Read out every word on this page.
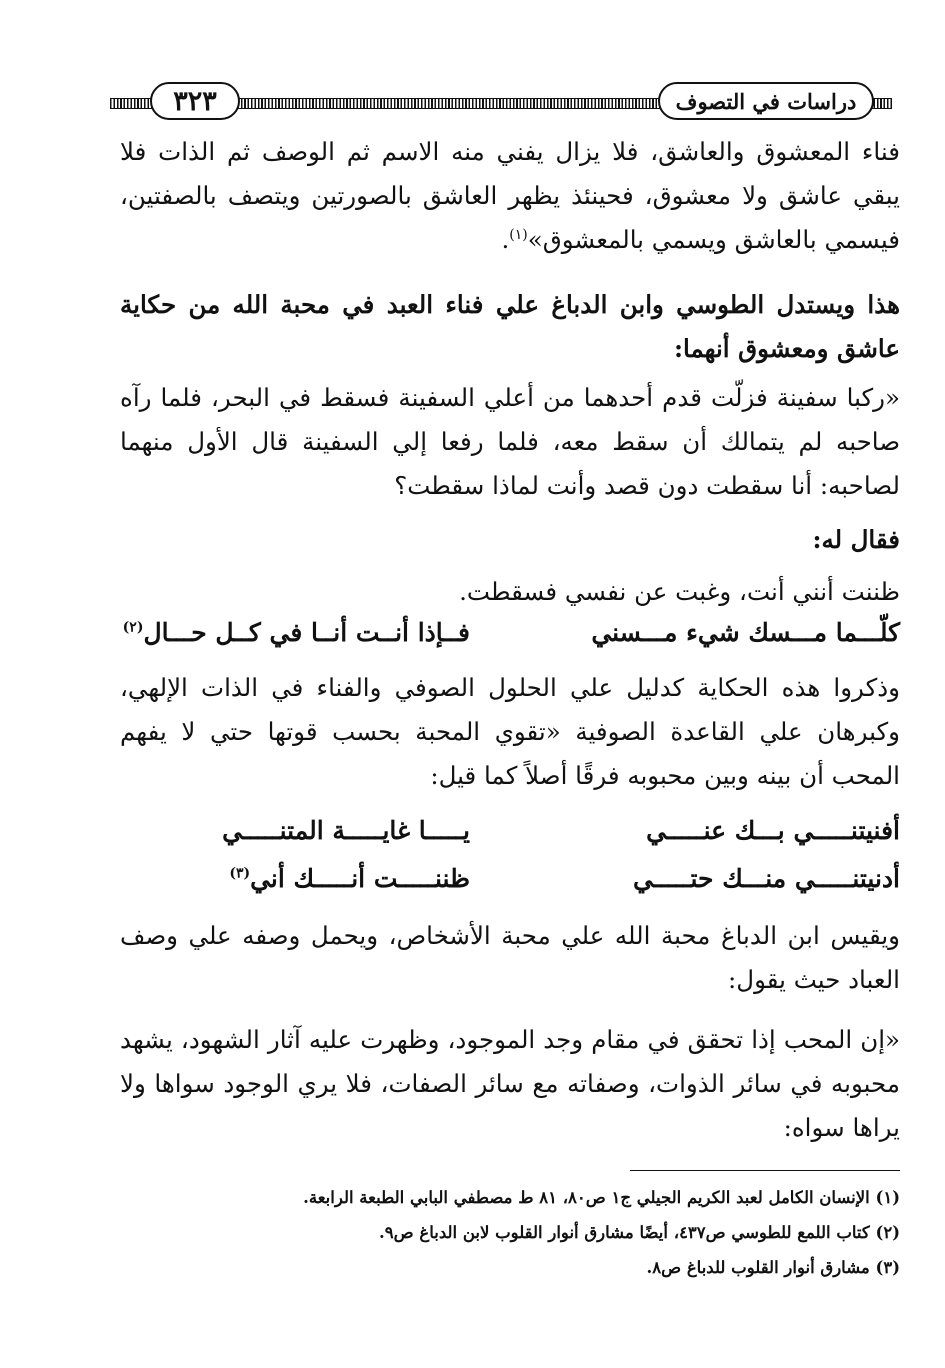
٣٢٣	دراسات في التصوف
فناء المعشوق والعاشق، فلا يزال يفني منه الاسم ثم الوصف ثم الذات فلا يبقي عاشق ولا معشوق، فحينئذ يظهر العاشق بالصورتين ويتصف بالصفتين، فيسمي بالعاشق ويسمي بالمعشوق»$^{(١)}$.
هذا ويستدل الطوسي وابن الدباغ علي فناء العبد في محبة الله من حكاية عاشق ومعشوق أنهما:
«ركبا سفينة فزلّت قدم أحدهما من أعلي السفينة فسقط في البحر، فلما رآه صاحبه لم يتمالك أن سقط معه، فلما رفعا إلي السفينة قال الأول منهما لصاحبه: أنا سقطت دون قصد وأنت لماذا سقطت؟
فقال له:
ظننت أنني أنت، وغبت عن نفسي فسقطت.
كلّـــما مـــسك شيء مـــسني
فــإذا أنــت أنــا في كــل حـــال$^{(٢)}$
وذكروا هذه الحكاية كدليل علي الحلول الصوفي والفناء في الذات الإلهي، وكبرهان علي القاعدة الصوفية «تقوي المحبة بحسب قوتها حتي لا يفهم المحب أن بينه وبين محبوبه فرقًا أصلاً كما قيل:
أفنيتنـــــي بـــك عنـــــي
يـــــا غايـــــة المتنـــــي
أدنيتنـــــي منـــك حتـــــي
ظننـــــت أنـــــك أني$^{(٣)}$
ويقيس ابن الدباغ محبة الله علي محبة الأشخاص، ويحمل وصفه علي وصف العباد حيث يقول:
«إن المحب إذا تحقق في مقام وجد الموجود، وظهرت عليه آثار الشهود، يشهد محبوبه في سائر الذوات، وصفاته مع سائر الصفات، فلا يري الوجود سواها ولا يراها سواه:
(١) الإنسان الكامل لعبد الكريم الجيلي ج١ ص٨٠، ٨١ ط مصطفي البابي الطبعة الرابعة.
(٢) كتاب اللمع للطوسي ص٤٣٧، أيضًا مشارق أنوار القلوب لابن الدباغ ص٩.
(٣) مشارق أنوار القلوب للدباغ ص٨.
